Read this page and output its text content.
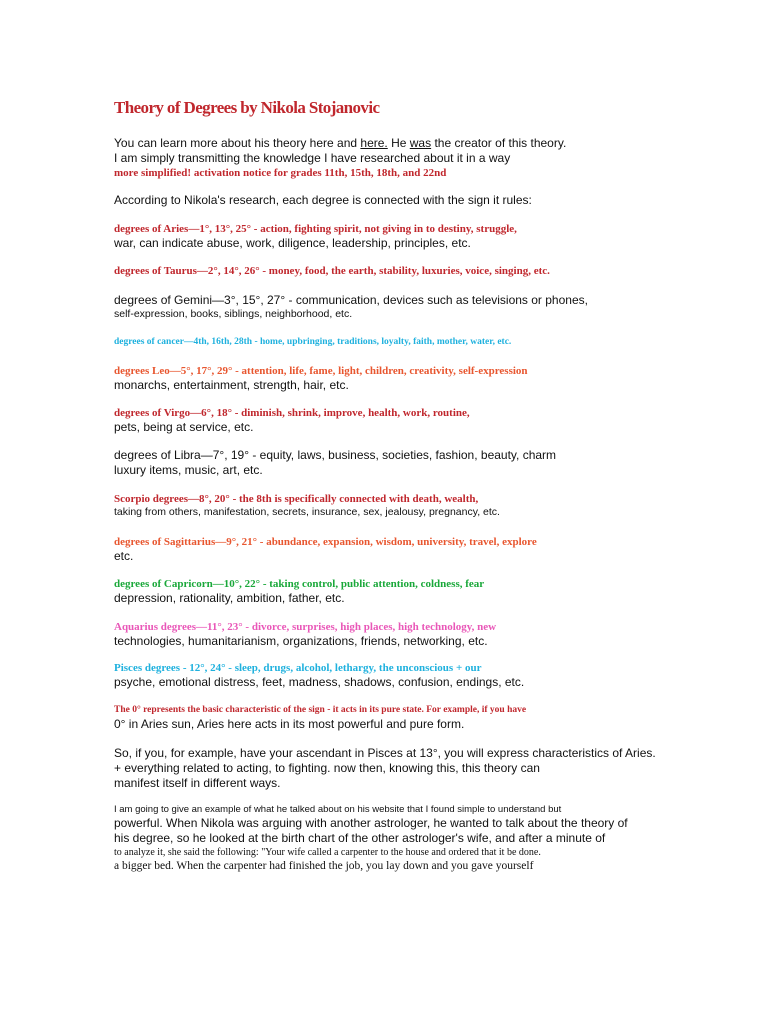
Theory of Degrees by Nikola Stojanovic
You can learn more about his theory here and here. He was the creator of this theory.
I am simply transmitting the knowledge I have researched about it in a way
more simplified! activation notice for grades 11th, 15th, 18th, and 22nd
According to Nikola's research, each degree is connected with the sign it rules:
degrees of Aries—1°, 13°, 25° - action, fighting spirit, not giving in to destiny, struggle,
war, can indicate abuse, work, diligence, leadership, principles, etc.
degrees of Taurus—2°, 14°, 26° - money, food, the earth, stability, luxuries, voice, singing, etc.
degrees of Gemini—3°, 15°, 27° - communication, devices such as televisions or phones,
self-expression, books, siblings, neighborhood, etc.
degrees of cancer—4th, 16th, 28th - home, upbringing, traditions, loyalty, faith, mother, water, etc.
degrees Leo—5°, 17°, 29° - attention, life, fame, light, children, creativity, self-expression
monarchs, entertainment, strength, hair, etc.
degrees of Virgo—6°, 18° - diminish, shrink, improve, health, work, routine,
pets, being at service, etc.
degrees of Libra—7°, 19° - equity, laws, business, societies, fashion, beauty, charm
luxury items, music, art, etc.
Scorpio degrees—8°, 20° - the 8th is specifically connected with death, wealth,
taking from others, manifestation, secrets, insurance, sex, jealousy, pregnancy, etc.
degrees of Sagittarius—9°, 21° - abundance, expansion, wisdom, university, travel, explore
etc.
degrees of Capricorn—10°, 22° - taking control, public attention, coldness, fear
depression, rationality, ambition, father, etc.
Aquarius degrees—11°, 23° - divorce, surprises, high places, high technology, new
technologies, humanitarianism, organizations, friends, networking, etc.
Pisces degrees - 12°, 24° - sleep, drugs, alcohol, lethargy, the unconscious + our
psyche, emotional distress, feet, madness, shadows, confusion, endings, etc.
The 0° represents the basic characteristic of the sign - it acts in its pure state. For example, if you have
0° in Aries sun, Aries here acts in its most powerful and pure form.
So, if you, for example, have your ascendant in Pisces at 13°, you will express characteristics of Aries.
+ everything related to acting, to fighting. now then, knowing this, this theory can
manifest itself in different ways.
I am going to give an example of what he talked about on his website that I found simple to understand but
powerful. When Nikola was arguing with another astrologer, he wanted to talk about the theory of
his degree, so he looked at the birth chart of the other astrologer's wife, and after a minute of
to analyze it, she said the following: "Your wife called a carpenter to the house and ordered that it be done.
a bigger bed. When the carpenter had finished the job, you lay down and you gave yourself
